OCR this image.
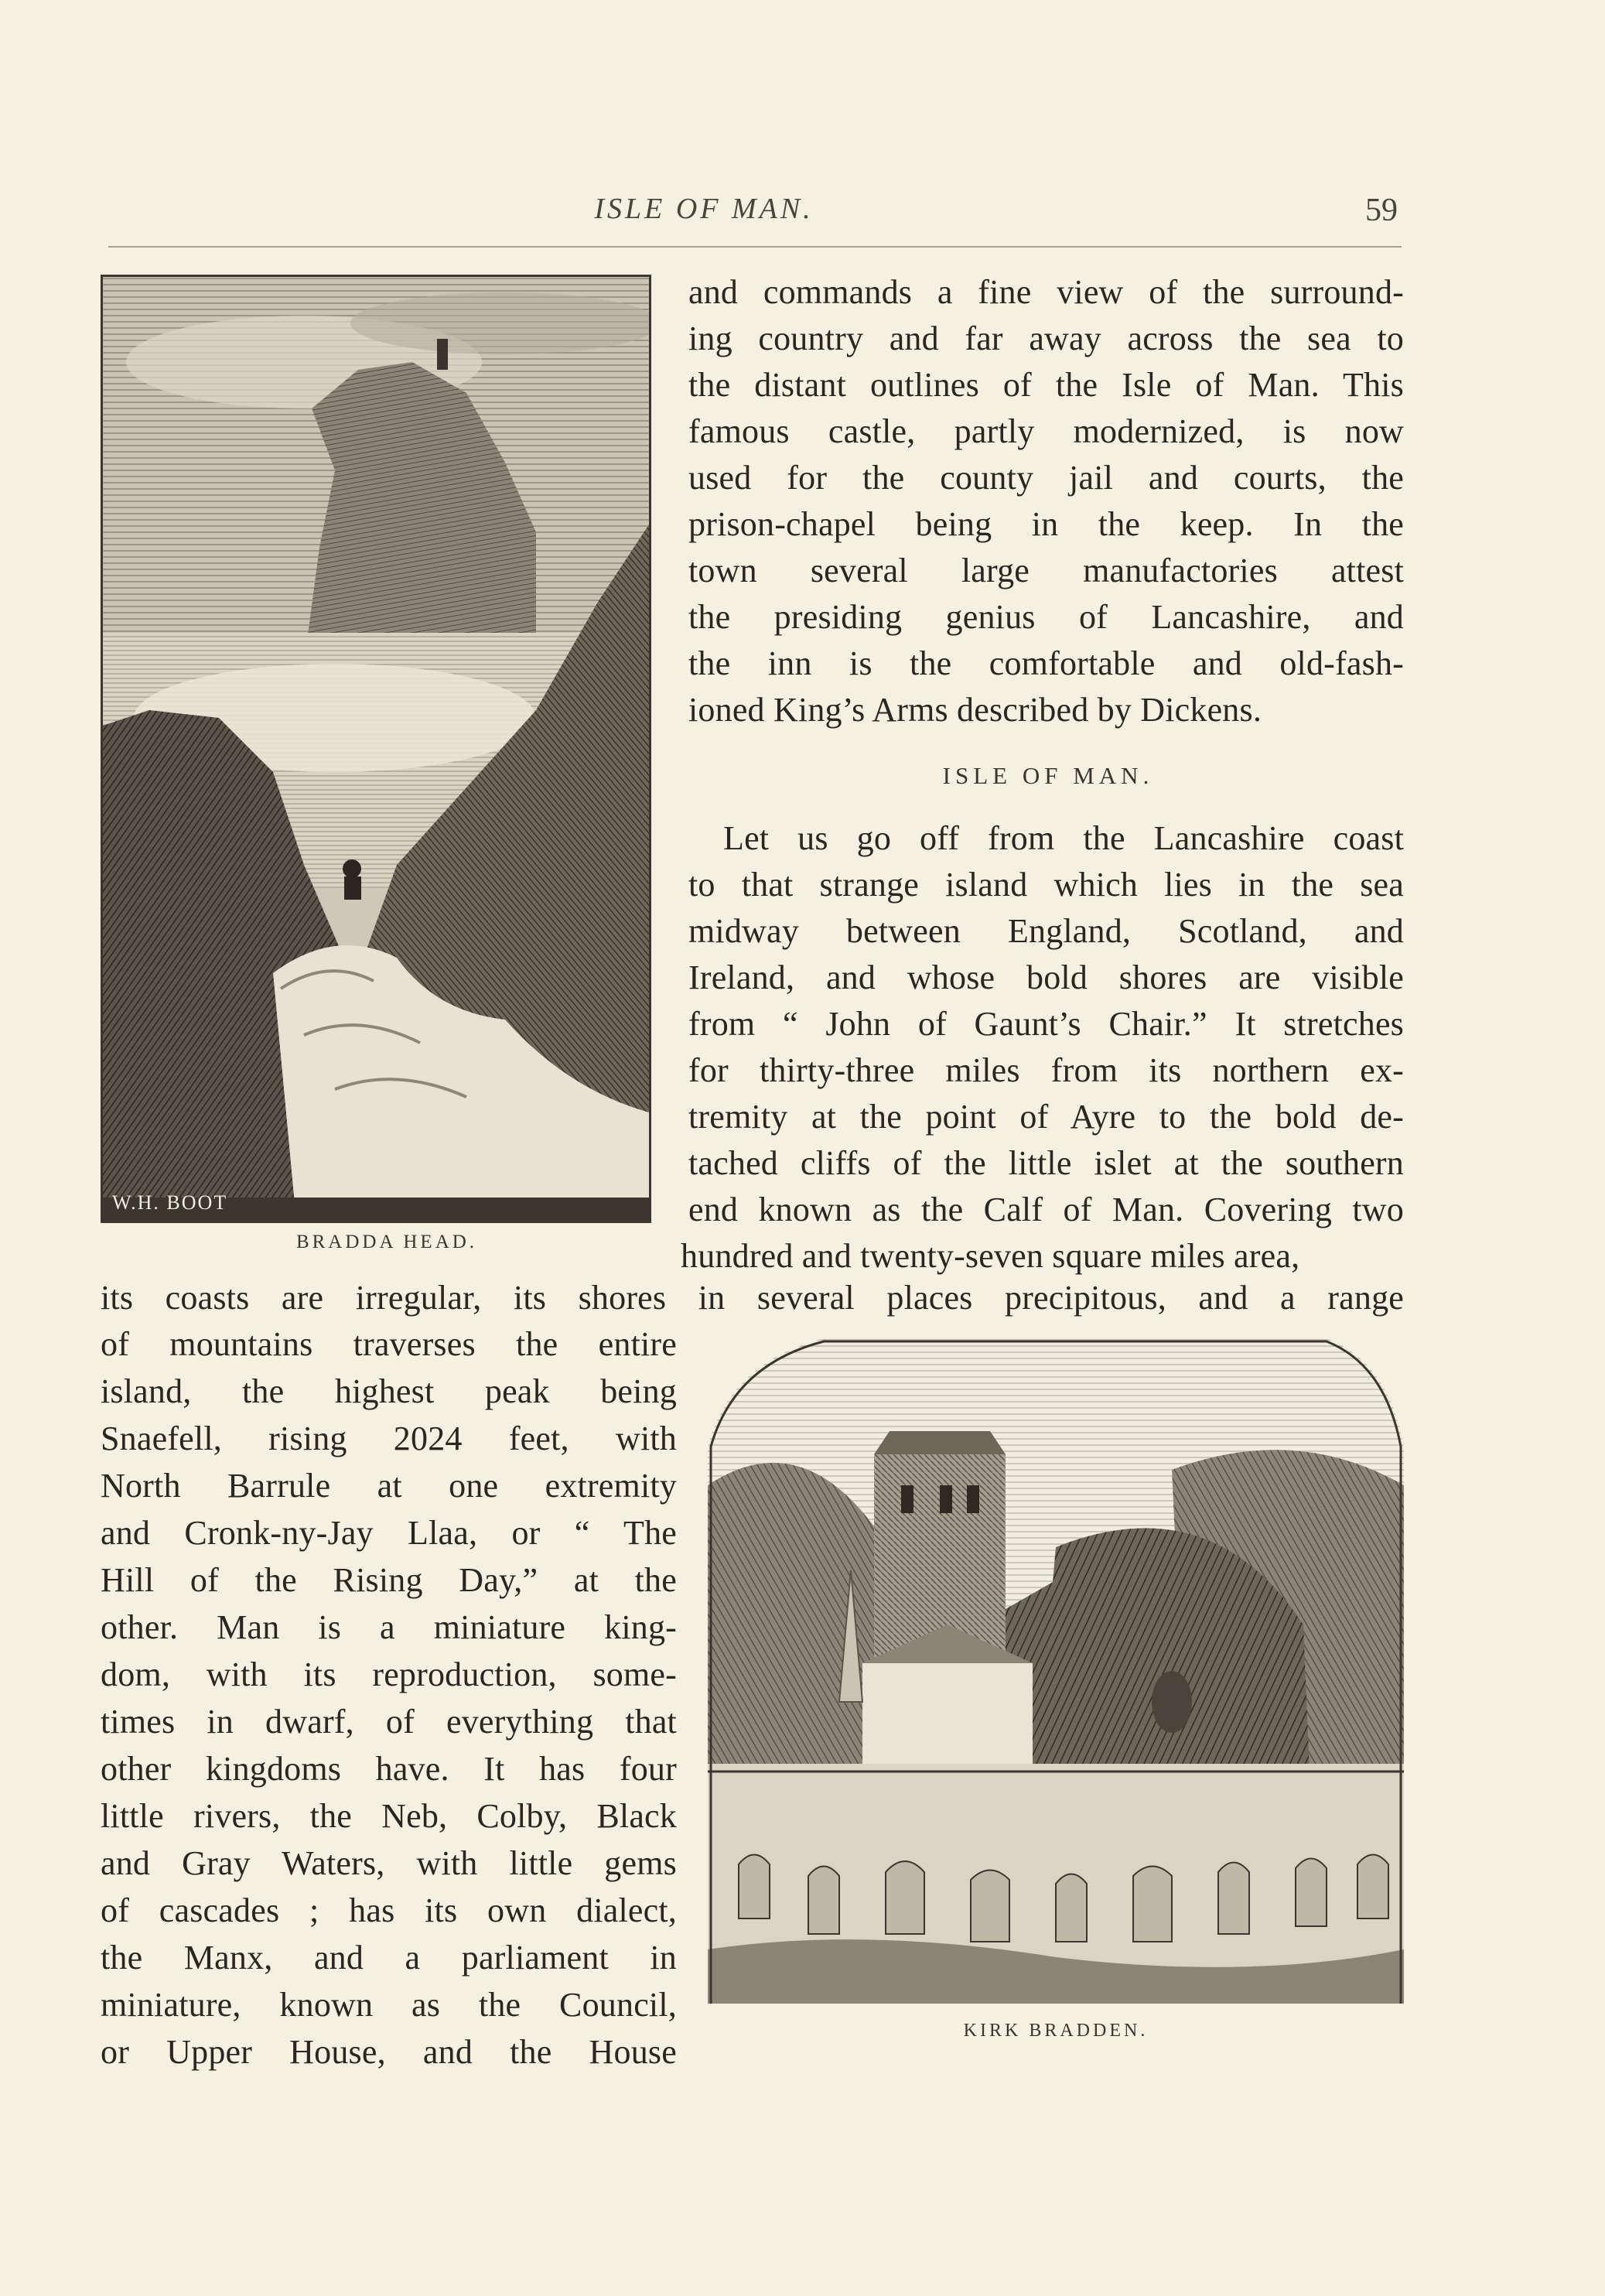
ISLE OF MAN.	59
W.H. BOOT
BRADDA HEAD.
and commands a fine view of the surround-
ing country and far away across the sea to
the distant outlines of the Isle of Man. This
famous castle, partly modernized, is now
used for the county jail and courts, the
prison-chapel being in the keep. In the
town several large manufactories attest
the presiding genius of Lancashire, and
the inn is the comfortable and old-fash-
ioned King’s Arms described by Dickens.
ISLE OF MAN.
Let us go off from the Lancashire coast
to that strange island which lies in the sea
midway between England, Scotland, and
Ireland, and whose bold shores are visible
from “ John of Gaunt’s Chair.” It stretches
for thirty-three miles from its northern ex-
tremity at the point of Ayre to the bold de-
tached cliffs of the little islet at the southern
end known as the Calf of Man. Covering two
hundred and twenty-seven square miles area,
its coasts are irregular, its shores in several places precipitous, and a range
of mountains traverses the entire
island, the highest peak being
Snaefell, rising 2024 feet, with
North Barrule at one extremity
and Cronk-ny-Jay Llaa, or “ The
Hill of the Rising Day,” at the
other. Man is a miniature king-
dom, with its reproduction, some-
times in dwarf, of everything that
other kingdoms have. It has four
little rivers, the Neb, Colby, Black
and Gray Waters, with little gems
of cascades ; has its own dialect,
the Manx, and a parliament in
miniature, known as the Council,
or Upper House, and the House
KIRK BRADDEN.
